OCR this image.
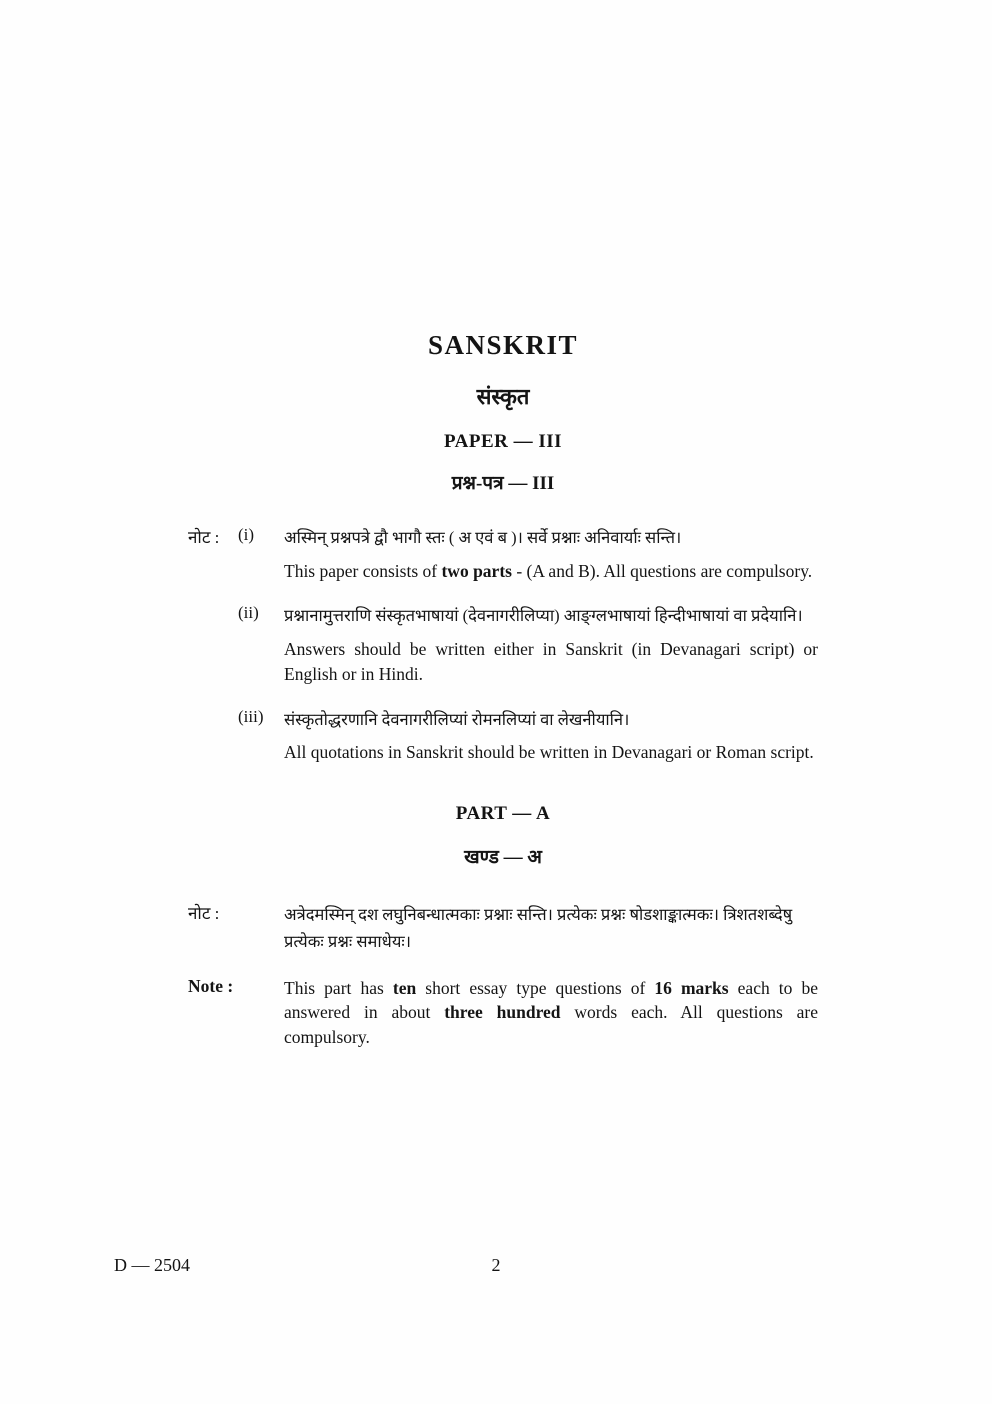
SANSKRIT
संस्कृत
PAPER — III
प्रश्न-पत्र — III
नोट :	(i)	अस्मिन् प्रश्नपत्रे द्वौ भागौ स्तः ( अ एवं ब )। सर्वे प्रश्नाः अनिवार्याः सन्ति।

This paper consists of two parts - (A and B). All questions are compulsory.

(ii)	प्रश्नानामुत्तराणि संस्कृतभाषायां (देवनागरीलिप्या) आङ्ग्लभाषायां हिन्दीभाषायां वा प्रदेयानि।

Answers should be written either in Sanskrit (in Devanagari script) or English or in Hindi.

(iii)	संस्कृतोद्धरणानि देवनागरीलिप्यां रोमनलिप्यां वा लेखनीयानि।

All quotations in Sanskrit should be written in Devanagari or Roman script.

PART — A
खण्ड — अ
नोट :	अत्रेदमस्मिन् दश लघुनिबन्धात्मकाः प्रश्नाः सन्ति। प्रत्येकः प्रश्नः षोडशाङ्कात्मकः। त्रिशतशब्देषु प्रत्येकः प्रश्नः समाधेयः।
Note :	This part has ten short essay type questions of 16 marks each to be answered in about three hundred words each. All questions are compulsory.
D — 2504	2
